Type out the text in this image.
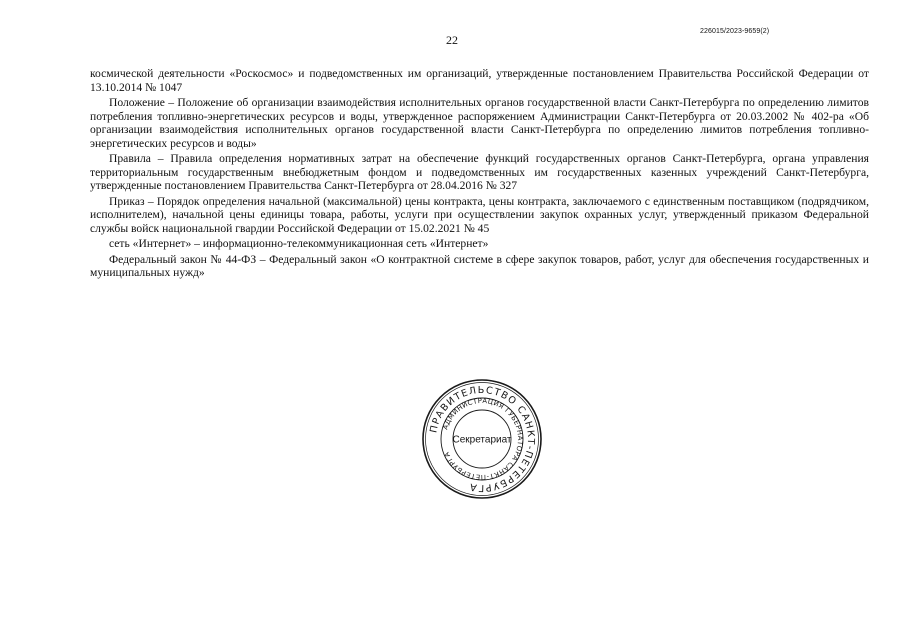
22
226015/2023-9659(2)

космической деятельности «Роскосмос» и подведомственных им организаций, утвержденные постановлением Правительства Российской Федерации от 13.10.2014 № 1047

Положение – Положение об организации взаимодействия исполнительных органов государственной власти Санкт-Петербурга по определению лимитов потребления топливно-энергетических ресурсов и воды, утвержденное распоряжением Администрации Санкт-Петербурга от 20.03.2002 № 402-ра «Об организации взаимодействия исполнительных органов государственной власти Санкт-Петербурга по определению лимитов потребления топливно-энергетических ресурсов и воды»

Правила – Правила определения нормативных затрат на обеспечение функций государственных органов Санкт-Петербурга, органа управления территориальным государственным внебюджетным фондом и подведомственных им государственных казенных учреждений Санкт-Петербурга, утвержденные постановлением Правительства Санкт-Петербурга от 28.04.2016 № 327

Приказ – Порядок определения начальной (максимальной) цены контракта, цены контракта, заключаемого с единственным поставщиком (подрядчиком, исполнителем), начальной цены единицы товара, работы, услуги при осуществлении закупок охранных услуг, утвержденный приказом Федеральной службы войск национальной гвардии Российской Федерации от 15.02.2021 № 45

сеть «Интернет» – информационно-телекоммуникационная сеть «Интернет»

Федеральный закон № 44-ФЗ – Федеральный закон «О контрактной системе в сфере закупок товаров, работ, услуг для обеспечения государственных и муниципальных нужд»

ПРАВИТЕЛЬСТВО САНКТ-ПЕТЕРБУРГА
АДМИНИСТРАЦИЯ ГУБЕРНАТОРА САНКТ-ПЕТЕРБУРГА
Секретариат
